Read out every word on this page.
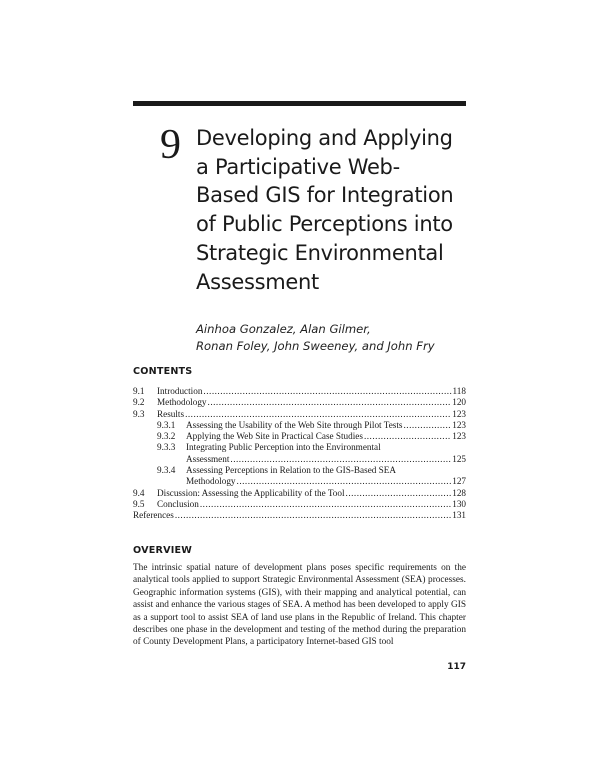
9 Developing and Applying
a Participative Web-
Based GIS for Integration
of Public Perceptions into
Strategic Environmental
Assessment
Ainhoa Gonzalez, Alan Gilmer,
Ronan Foley, John Sweeney, and John Fry
CONTENTS
9.1	Introduction .....	118
9.2	Methodology .....	120
9.3	Results .....	123
9.3.1	Assessing the Usability of the Web Site through Pilot Tests .....	123
9.3.2	Applying the Web Site in Practical Case Studies .....	123
9.3.3	Integrating Public Perception into the Environmental
Assessment .....	125
9.3.4	Assessing Perceptions in Relation to the GIS-Based SEA
Methodology .....	127
9.4	Discussion: Assessing the Applicability of the Tool .....	128
9.5	Conclusion .....	130
References .....	131
OVERVIEW
The intrinsic spatial nature of development plans poses specific requirements on the analytical tools applied to support Strategic Environmental Assessment (SEA) processes. Geographic information systems (GIS), with their mapping and analytical potential, can assist and enhance the various stages of SEA. A method has been developed to apply GIS as a support tool to assist SEA of land use plans in the Republic of Ireland. This chapter describes one phase in the development and testing of the method during the preparation of County Development Plans, a participatory Internet-based GIS tool
117
